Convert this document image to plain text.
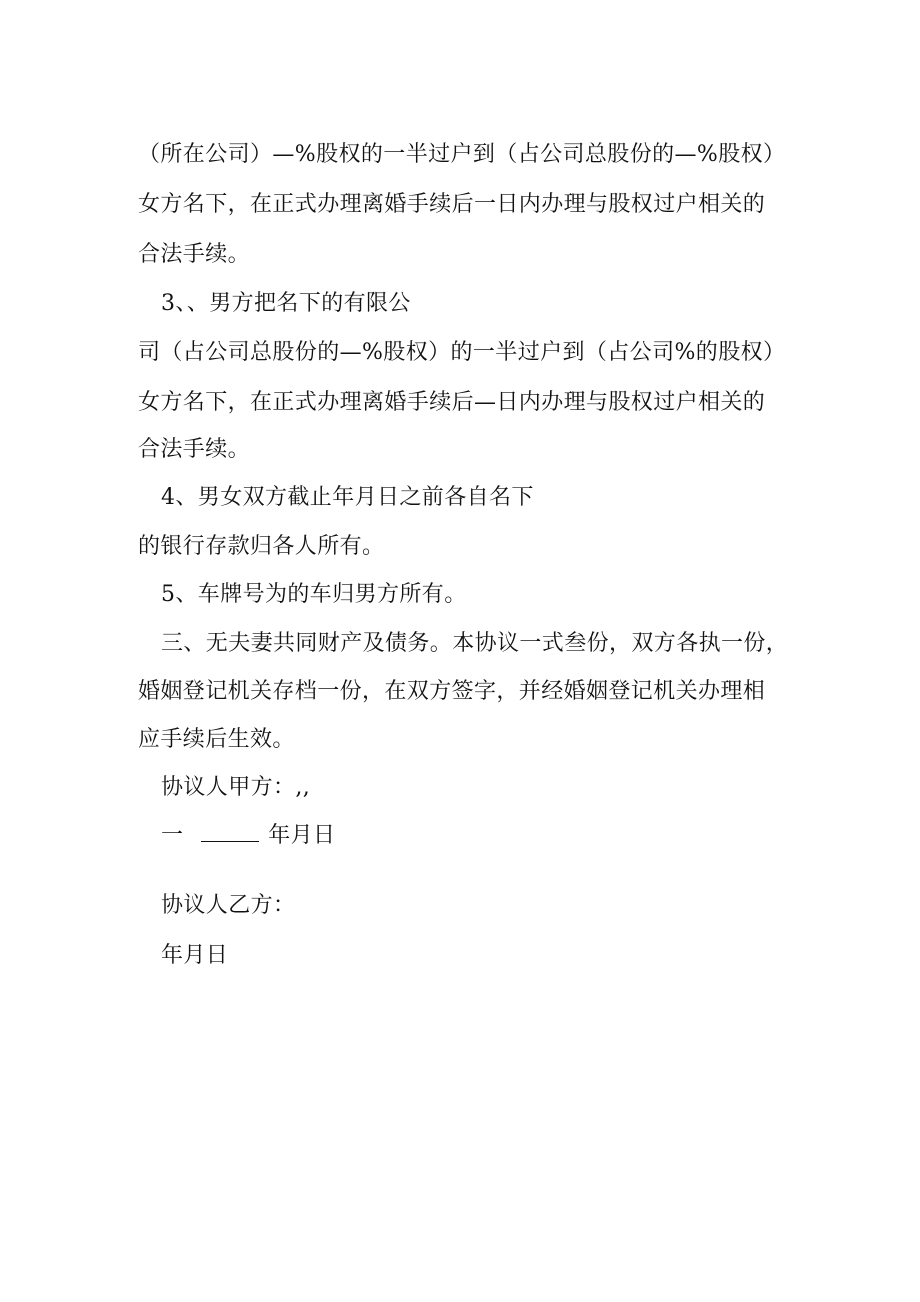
（所在公司）—%股权的一半过户到（占公司总股份的—%股权）
女方名下，在正式办理离婚手续后一日内办理与股权过户相关的
合法手续。
3、、男方把名下的有限公
司（占公司总股份的—%股权）的一半过户到（占公司%的股权）
女方名下，在正式办理离婚手续后—日内办理与股权过户相关的
合法手续。
4、男女双方截止年月日之前各自名下
的银行存款归各人所有。
5、车牌号为的车归男方所有。
三、无夫妻共同财产及债务。本协议一式叁份，双方各执一份，
婚姻登记机关存档一份，在双方签字，并经婚姻登记机关办理相
应手续后生效。
协议人甲方：,,
一	年月日
协议人乙方：
年月日
